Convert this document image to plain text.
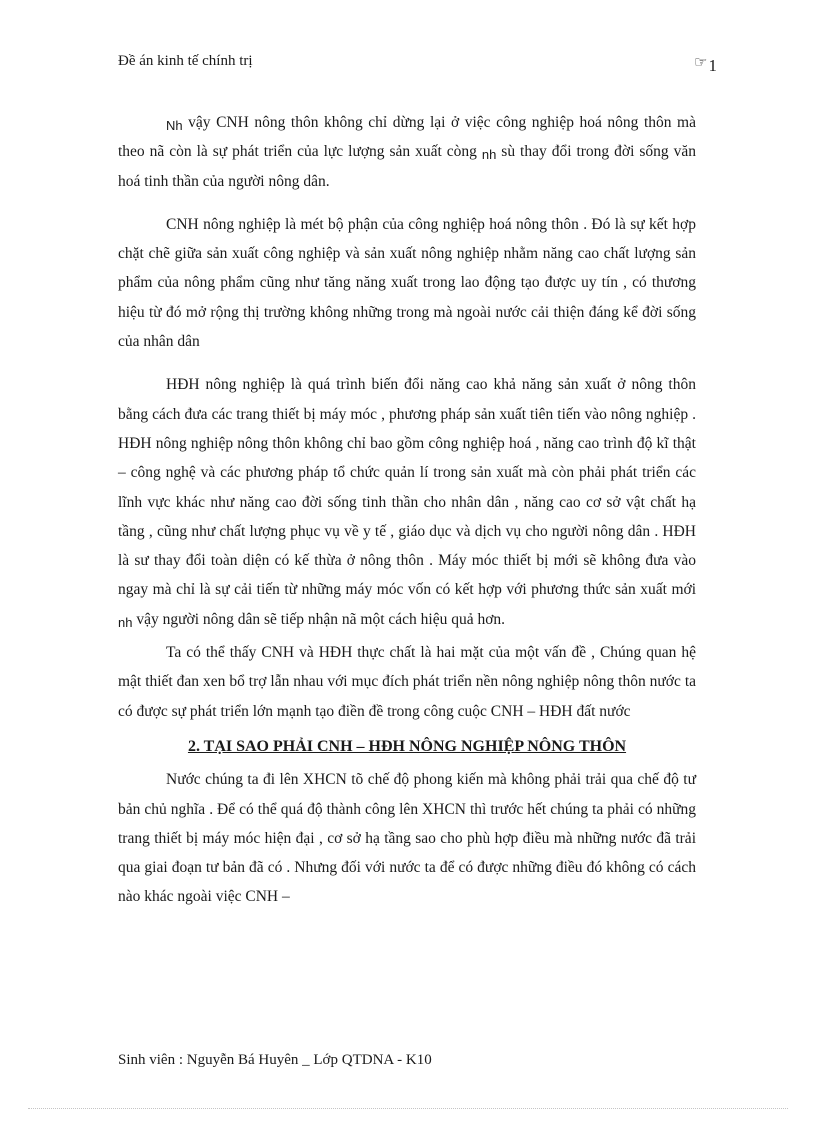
Đề án kinh tế chính trị	☞1

Nh vậy CNH nông thôn không chỉ dừng lại ở việc công nghiệp hoá nông thôn mà theo nã còn là sự phát triển của lực lượng sản xuất còng nh sù thay đổi trong đời sống văn hoá tinh thần của người nông dân.

CNH nông nghiệp là mét bộ phận của công nghiệp hoá nông thôn . Đó là sự kết hợp chặt chẽ giữa sản xuất công nghiệp và sản xuất nông nghiệp nhằm năng cao chất lượng sản phẩm của nông phẩm cũng như tăng năng xuất trong lao động tạo được uy tín , có thương hiệu từ đó mở rộng thị trường không những trong mà ngoài nước cải thiện đáng kể đời sống của nhân dân

HĐH nông nghiệp là quá trình biến đổi năng cao khả năng sản xuất ở nông thôn bằng cách đưa các trang thiết bị máy móc , phương pháp sản xuất tiên tiến vào nông nghiệp . HĐH nông nghiệp nông thôn không chỉ bao gồm công nghiệp hoá , năng cao trình độ kĩ thật – công nghệ và các phương pháp tổ chức quản lí trong sản xuất mà còn phải phát triển các lĩnh vực khác như năng cao đời sống tinh thần cho nhân dân , năng cao cơ sở vật chất hạ tầng , cũng như chất lượng phục vụ về y tế , giáo dục và dịch vụ cho người nông dân . HĐH là sư thay đổi toàn diện có kế thừa ở nông thôn . Máy móc thiết bị mới sẽ không đưa vào ngay mà chỉ là sự cải tiến từ những máy móc vốn có kết hợp với phương thức sản xuất mới nh vậy người nông dân sẽ tiếp nhận nã một cách hiệu quả hơn.

Ta có thể thấy CNH và HĐH thực chất là hai mặt của một vấn đề , Chúng quan hệ mật thiết đan xen bổ trợ lẫn nhau với mục đích phát triển nền nông nghiệp nông thôn nước ta có được sự phát triển lớn mạnh tạo điền đề trong công cuộc CNH – HĐH đất nước

2. TẠI SAO PHẢI CNH – HĐH NÔNG NGHIỆP NÔNG THÔN

Nước chúng ta đi lên XHCN tõ chế độ phong kiến mà không phải trải qua chế độ tư bản chủ nghĩa . Để có thể quá độ thành công lên XHCN thì trước hết chúng ta phải có những trang thiết bị máy móc hiện đại , cơ sở hạ tầng sao cho phù hợp điều mà những nước đã trải qua giai đoạn tư bản đã có . Nhưng đối với nước ta để có được những điều đó không có cách nào khác ngoài việc CNH –

Sinh viên : Nguyễn Bá Huyên _ Lớp QTDNA - K10
